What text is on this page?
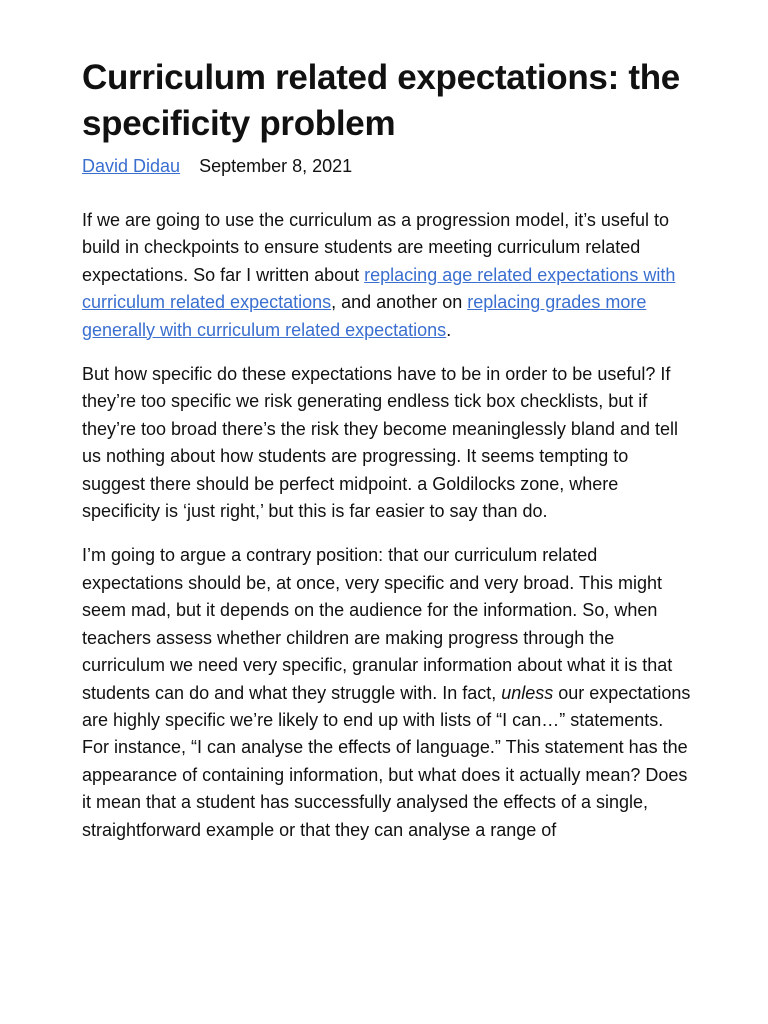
Curriculum related expectations: the specificity problem
David Didau September 8, 2021

If we are going to use the curriculum as a progression model, it’s useful to build in checkpoints to ensure students are meeting curriculum related expectations. So far I written about replacing age related expectations with curriculum related expectations, and another on replacing grades more generally with curriculum related expectations.

But how specific do these expectations have to be in order to be useful? If they’re too specific we risk generating endless tick box checklists, but if they’re too broad there’s the risk they become meaninglessly bland and tell us nothing about how students are progressing. It seems tempting to suggest there should be perfect midpoint. a Goldilocks zone, where specificity is ‘just right,’ but this is far easier to say than do.

I’m going to argue a contrary position: that our curriculum related expectations should be, at once, very specific and very broad. This might seem mad, but it depends on the audience for the information. So, when teachers assess whether children are making progress through the curriculum we need very specific, granular information about what it is that students can do and what they struggle with. In fact, unless our expectations are highly specific we’re likely to end up with lists of “I can…” statements. For instance, “I can analyse the effects of language.” This statement has the appearance of containing information, but what does it actually mean? Does it mean that a student has successfully analysed the effects of a single, straightforward example or that they can analyse a range of
